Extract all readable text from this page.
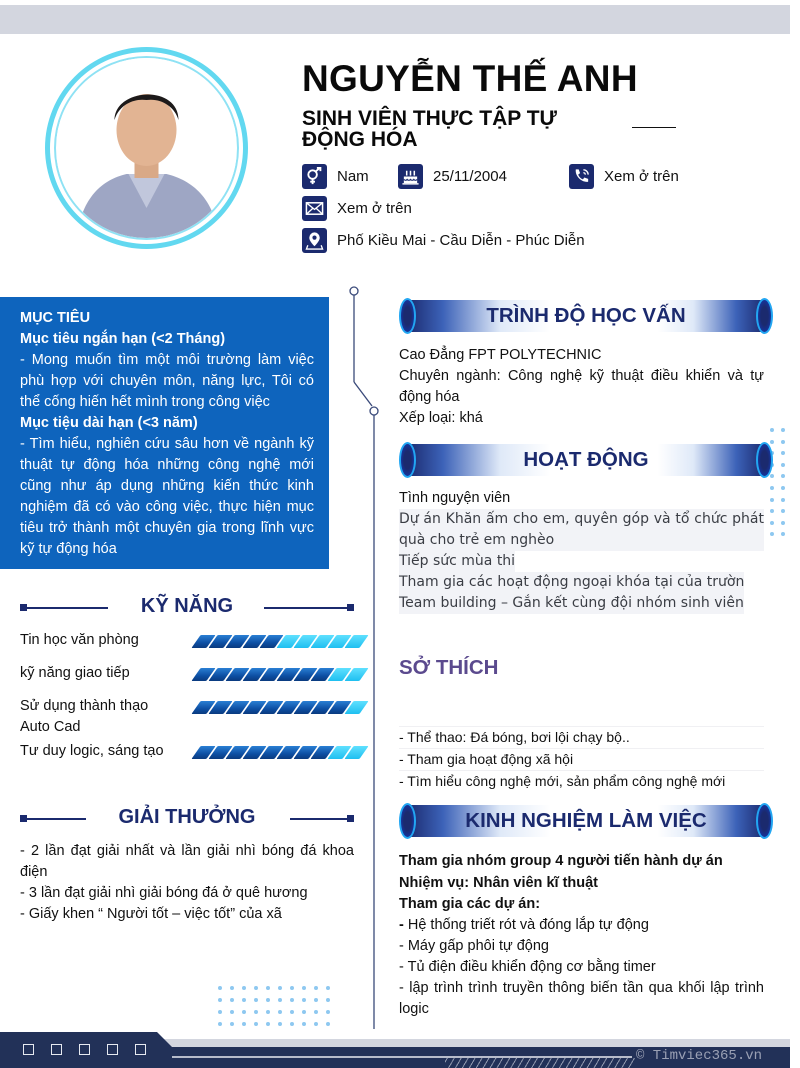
NGUYỄN THẾ ANH
SINH VIÊN THỰC TẬP TỰ ĐỘNG HÓA
Nam	25/11/2004	Xem ở trên
Xem ở trên
Phố Kiều Mai - Cầu Diễn - Phúc Diễn
MỤC TIÊU
Mục tiêu ngắn hạn (<2 Tháng)

- Mong muốn tìm một môi trường làm việc phù hợp với chuyên môn, năng lực, Tôi có thể cống hiến hết mình trong công việc

Mục tiệu dài hạn (<3 năm)

- Tìm hiểu, nghiên cứu sâu hơn về ngành kỹ thuật tự động hóa những công nghệ mới cũng như áp dụng những kiến thức kinh nghiệm đã có vào công việc, thực hiện mục tiêu trở thành một chuyên gia trong lĩnh vực kỹ tự động hóa

KỸ NĂNG
Tin học văn phòng
kỹ năng giao tiếp
Sử dụng thành thạo Auto Cad
Tư duy logic, sáng tạo
GIẢI THƯỞNG

- 2 lần đạt giải nhất và lần giải nhì bóng đá khoa điện

- 3 lần đạt giải nhì giải bóng đá ở quê hương

- Giấy khen “ Người tốt – việc tốt” của xã

TRÌNH ĐỘ HỌC VẤN

Cao Đẳng FPT POLYTECHNIC

Chuyên ngành: Công nghệ kỹ thuật điều khiển và tự động hóa

Xếp loại: khá

HOẠT ĐỘNG

Tình nguyện viên

Dự án Khăn ấm cho em, quyên góp và tổ chức phát quà cho trẻ em nghèo

Tiếp sức mùa thi

Tham gia các hoạt động ngoại khóa tại của trườn

Team building – Gắn kết cùng đội nhóm sinh viên

SỞ THÍCH

- Thể thao: Đá bóng, bơi lội chạy bộ..

- Tham gia hoạt động xã hội

- Tìm hiểu công nghệ mới, sản phẩm công nghệ mới

KINH NGHIỆM LÀM VIỆC

Tham gia nhóm group 4 người tiến hành dự án

Nhiệm vụ: Nhân viên kĩ thuật

Tham gia các dự án:

- Hệ thống triết rót và đóng lắp tự động

- Máy gấp phôi tự động

- Tủ điện điều khiển động cơ bằng timer

- lập trình trình truyền thông biến tần qua khối lập trình logic

© Timviec365.vn
